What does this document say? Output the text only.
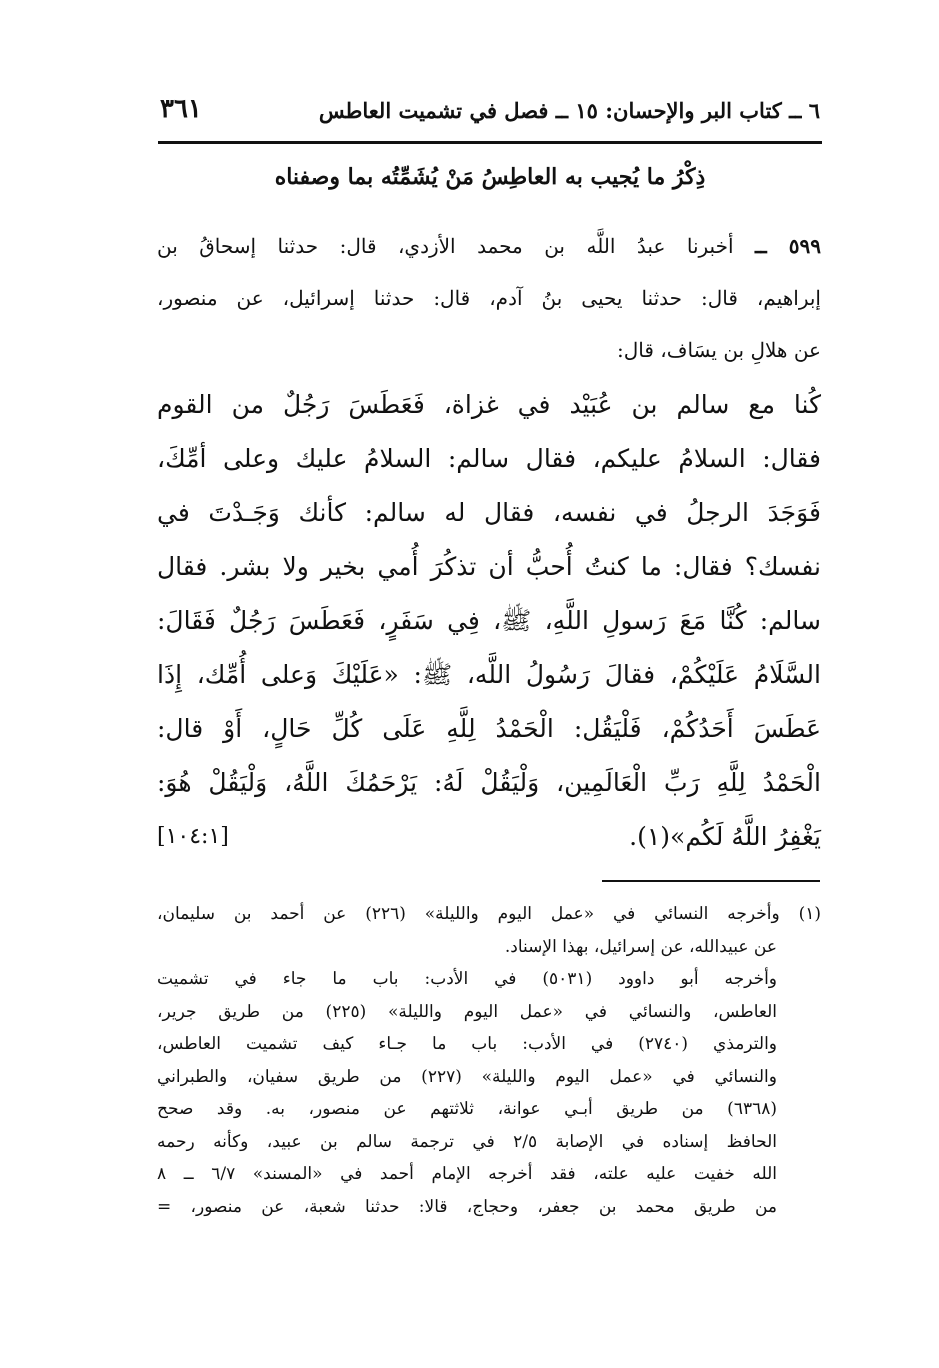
٦ ــ كتاب البر والإحسان: ١٥ ــ فصل في تشميت العاطس
٣٦١
ذِكْرُ ما يُجيب به العاطِسُ مَنْ يُشَمِّتُه بما وصفناه
٥٩٩ ــ أخبرنا عبدُ اللَّه بن محمد الأزدي، قال: حدثنا إسحاقُ بن
إبراهيم، قال: حدثنا يحيى بنُ آدم، قال: حدثنا إسرائيل، عن منصور،
عن هلالِ بن يسَاف، قال:
كُنا مع سالم بن عُبَيْد في غزاة، فَعَطَسَ رَجُلٌ من القوم
فقال: السلامُ عليكم، فقال سالم: السلامُ عليك وعلى أمِّكَ،
فَوَجَدَ الرجلُ في نفسه، فقال له سالم: كأنك وَجَـدْتَ في
نفسك؟ فقال: ما كنتُ أُحبُّ أن تذكُرَ أُمي بخير ولا بشر. فقال
سالم: كُنَّا مَعَ رَسولِ اللَّهِ، ﷺ، فِي سَفَرٍ، فَعَطَسَ رَجُلٌ فَقَالَ:
السَّلَامُ عَلَيْكُمْ، فقالَ رَسُولُ اللَّه، ﷺ: «عَلَيْكَ وَعلى أُمِّك، إِذَا
عَطَسَ أَحَدُكُمْ، فَلْيَقُل: الْحَمْدُ لِلَّهِ عَلَى كُلِّ حَالٍ، أَوْ قال:
الْحَمْدُ لِلَّهِ رَبِّ الْعَالَمِين، وَلْيَقُلْ لَهُ: يَرْحَمُكَ اللَّهُ، وَلْيَقُلْ هُوَ:
يَغْفِرُ اللَّهُ لَكُم»(١).
[١٠٤:١]
(١) وأخرجه النسائي في «عمل اليوم والليلة» (٢٢٦) عن أحمد بن سليمان،
عن عبيدالله، عن إسرائيل، بهذا الإسناد.
وأخرجه أبو داوود (٥٠٣١) في الأدب: باب ما جاء في تشميت
العاطس، والنسائي في «عمل اليوم والليلة» (٢٢٥) من طريق جرير،
والترمذي (٢٧٤٠) في الأدب: باب ما جـاء كيف تشميت العاطس،
والنسائي في «عمل اليوم والليلة» (٢٢٧) من طريق سفيان، والطبراني
(٦٣٦٨) من طريق أبـي عوانة، ثلاثتهم عن منصور، به. وقد صحح
الحافظ إسناده في الإصابة ٢/٥ في ترجمة سالم بن عبيد، وكأنه رحمه
الله خفيت عليه علته، فقد أخرجه الإمام أحمد في «المسند» ٦/٧ ــ ٨
من طريق محمد بن جعفر، وحجاج، قالا: حدثنا شعبة، عن منصور، =
